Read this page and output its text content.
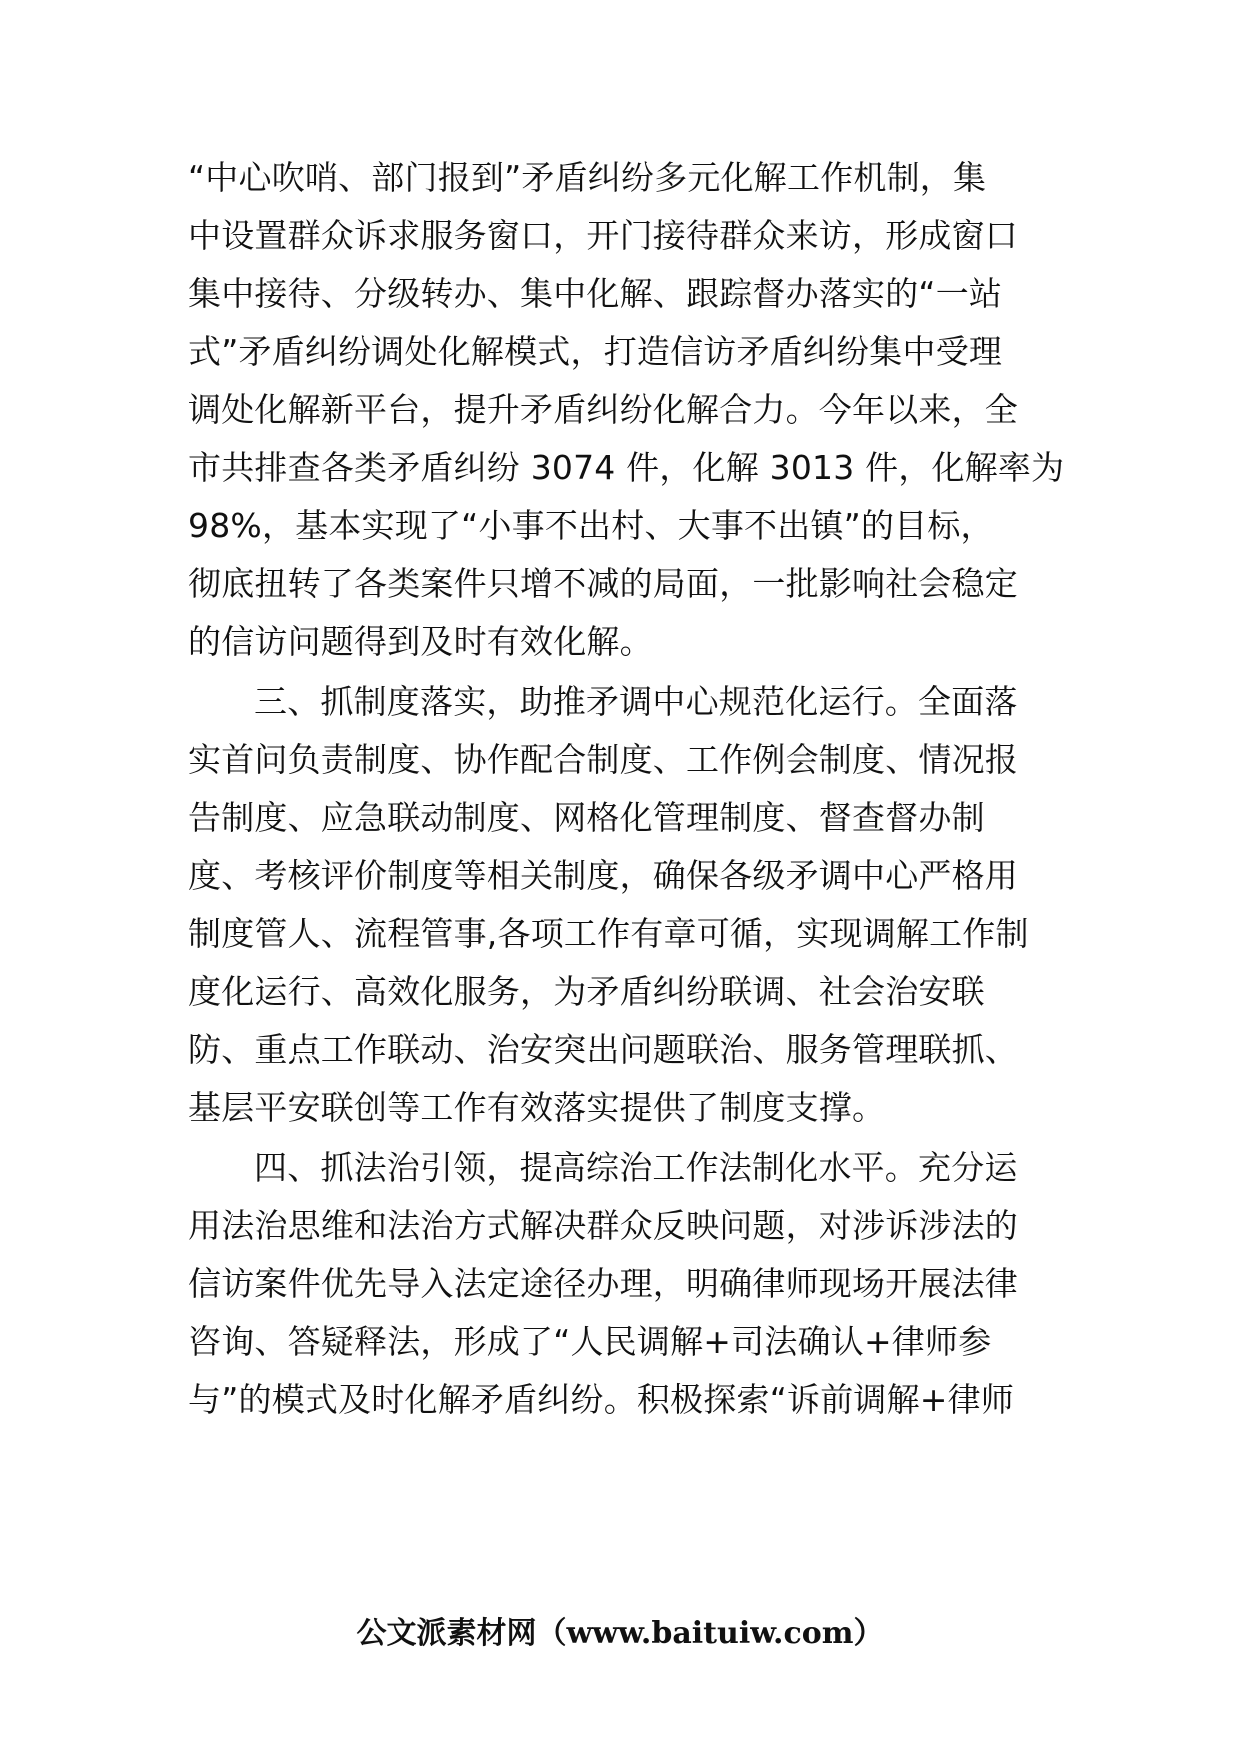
“中心吹哨、部门报到”矛盾纠纷多元化解工作机制，集
中设置群众诉求服务窗口，开门接待群众来访，形成窗口
集中接待、分级转办、集中化解、跟踪督办落实的“一站
式”矛盾纠纷调处化解模式，打造信访矛盾纠纷集中受理
调处化解新平台，提升矛盾纠纷化解合力。今年以来，全
市共排查各类矛盾纠纷 3074 件，化解 3013 件，化解率为
98%，基本实现了“小事不出村、大事不出镇”的目标，
彻底扭转了各类案件只增不减的局面，一批影响社会稳定
的信访问题得到及时有效化解。
三、抓制度落实，助推矛调中心规范化运行。全面落
实首问负责制度、协作配合制度、工作例会制度、情况报
告制度、应急联动制度、网格化管理制度、督查督办制
度、考核评价制度等相关制度，确保各级矛调中心严格用
制度管人、流程管事,各项工作有章可循，实现调解工作制
度化运行、高效化服务，为矛盾纠纷联调、社会治安联
防、重点工作联动、治安突出问题联治、服务管理联抓、
基层平安联创等工作有效落实提供了制度支撑。
四、抓法治引领，提高综治工作法制化水平。充分运
用法治思维和法治方式解决群众反映问题，对涉诉涉法的
信访案件优先导入法定途径办理，明确律师现场开展法律
咨询、答疑释法，形成了“人民调解+司法确认+律师参
与”的模式及时化解矛盾纠纷。积极探索“诉前调解+律师
公文派素材网（www.baituiw.com）
